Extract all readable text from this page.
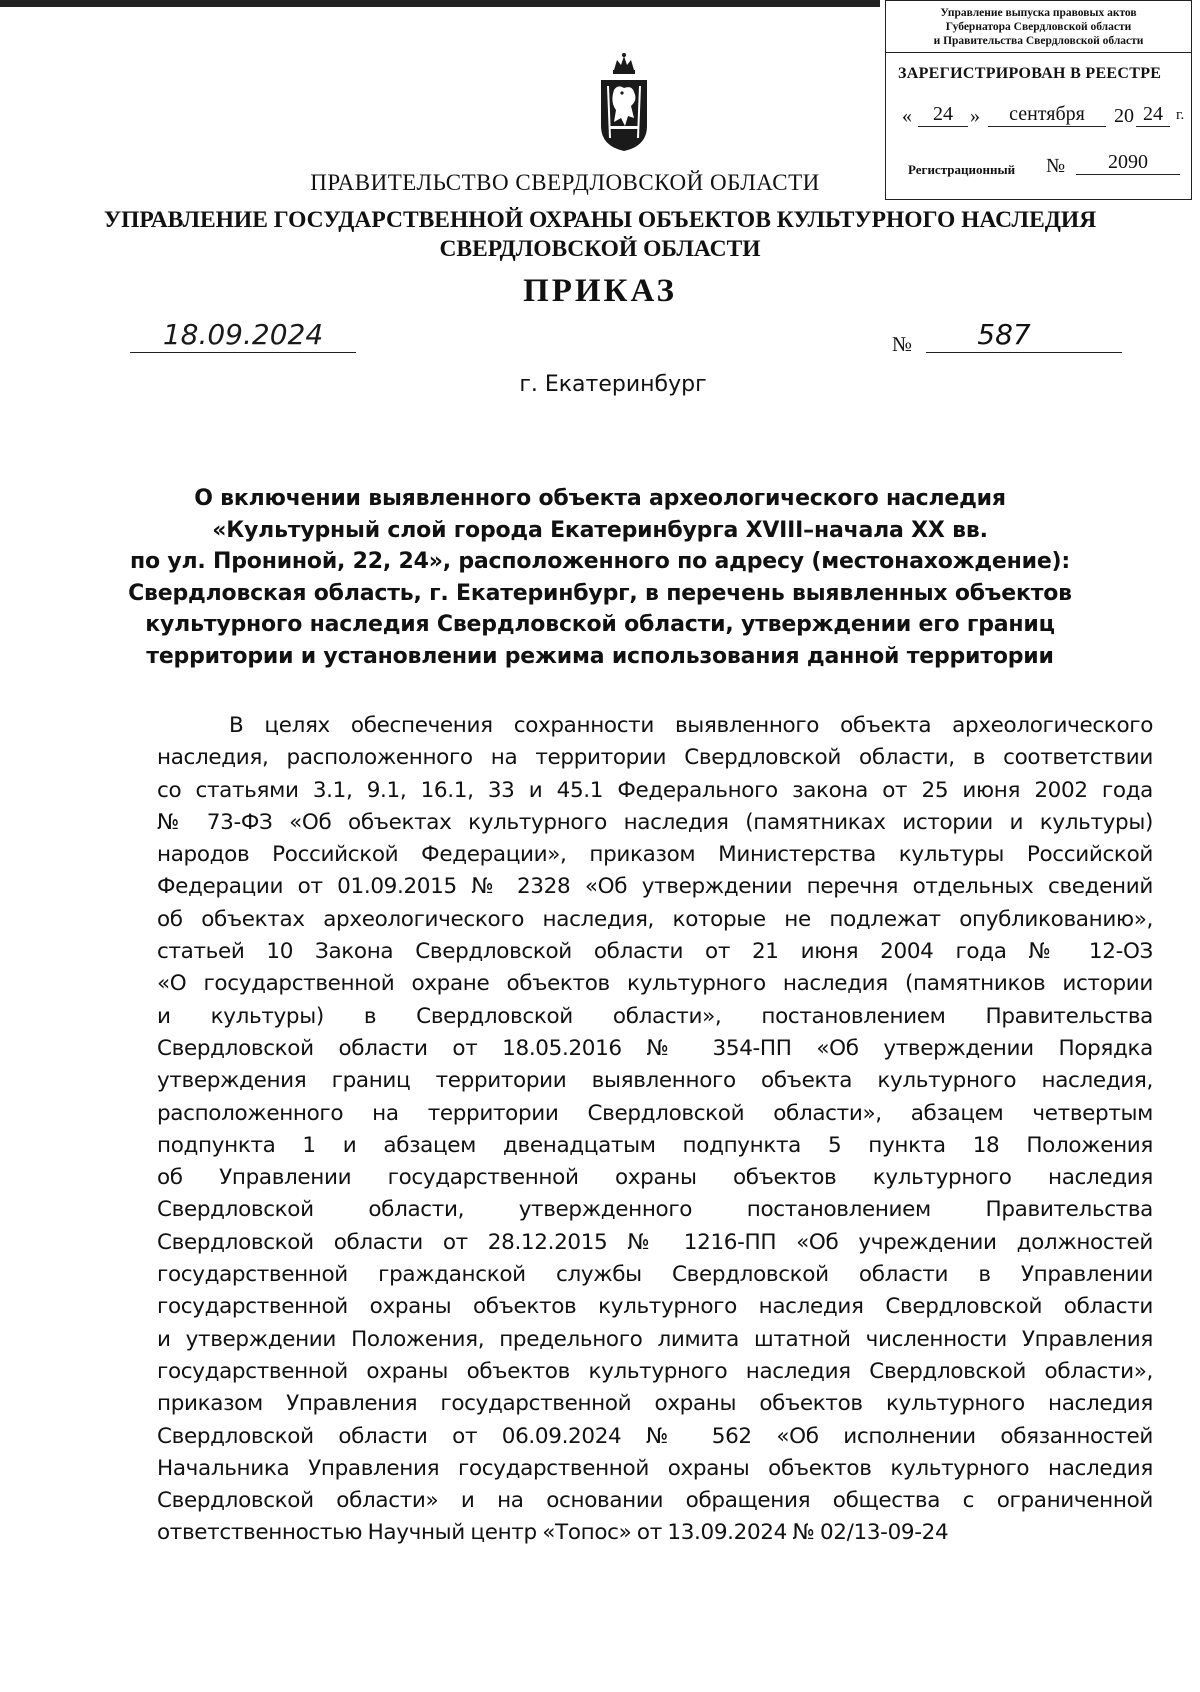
Управление выпуска правовых актов
Губернатора Свердловской области
и Правительства Свердловской области
ЗАРЕГИСТРИРОВАН В РЕЕСТРЕ
«	24 »	сентября	20 24 г.
Регистрационный №	2090
ПРАВИТЕЛЬСТВО СВЕРДЛОВСКОЙ ОБЛАСТИ
УПРАВЛЕНИЕ ГОСУДАРСТВЕННОЙ ОХРАНЫ ОБЪЕКТОВ КУЛЬТУРНОГО НАСЛЕДИЯ
СВЕРДЛОВСКОЙ ОБЛАСТИ
ПРИКАЗ
18.09.2024	№	587
г. Екатеринбург
О включении выявленного объекта археологического наследия
«Культурный слой города Екатеринбурга XVIII–начала XX вв.
по ул. Прониной, 22, 24», расположенного по адресу (местонахождение):
Свердловская область, г. Екатеринбург, в перечень выявленных объектов
культурного наследия Свердловской области, утверждении его границ
территории и установлении режима использования данной территории
В целях обеспечения сохранности выявленного объекта археологического
наследия, расположенного на территории Свердловской области, в соответствии
со статьями 3.1, 9.1, 16.1, 33 и 45.1 Федерального закона от 25 июня 2002 года
№ 73-ФЗ «Об объектах культурного наследия (памятниках истории и культуры)
народов Российской Федерации», приказом Министерства культуры Российской
Федерации от 01.09.2015 № 2328 «Об утверждении перечня отдельных сведений
об объектах археологического наследия, которые не подлежат опубликованию»,
статьей 10 Закона Свердловской области от 21 июня 2004 года № 12-ОЗ
«О государственной охране объектов культурного наследия (памятников истории
и культуры) в Свердловской области», постановлением Правительства
Свердловской области от 18.05.2016 № 354-ПП «Об утверждении Порядка
утверждения границ территории выявленного объекта культурного наследия,
расположенного на территории Свердловской области», абзацем четвертым
подпункта 1 и абзацем двенадцатым подпункта 5 пункта 18 Положения
об Управлении государственной охраны объектов культурного наследия
Свердловской области, утвержденного постановлением Правительства
Свердловской области от 28.12.2015 № 1216-ПП «Об учреждении должностей
государственной гражданской службы Свердловской области в Управлении
государственной охраны объектов культурного наследия Свердловской области
и утверждении Положения, предельного лимита штатной численности Управления
государственной охраны объектов культурного наследия Свердловской области»,
приказом Управления государственной охраны объектов культурного наследия
Свердловской области от 06.09.2024 № 562 «Об исполнении обязанностей
Начальника Управления государственной охраны объектов культурного наследия
Свердловской области» и на основании обращения общества с ограниченной
ответственностью Научный центр «Топос» от 13.09.2024 № 02/13-09-24
